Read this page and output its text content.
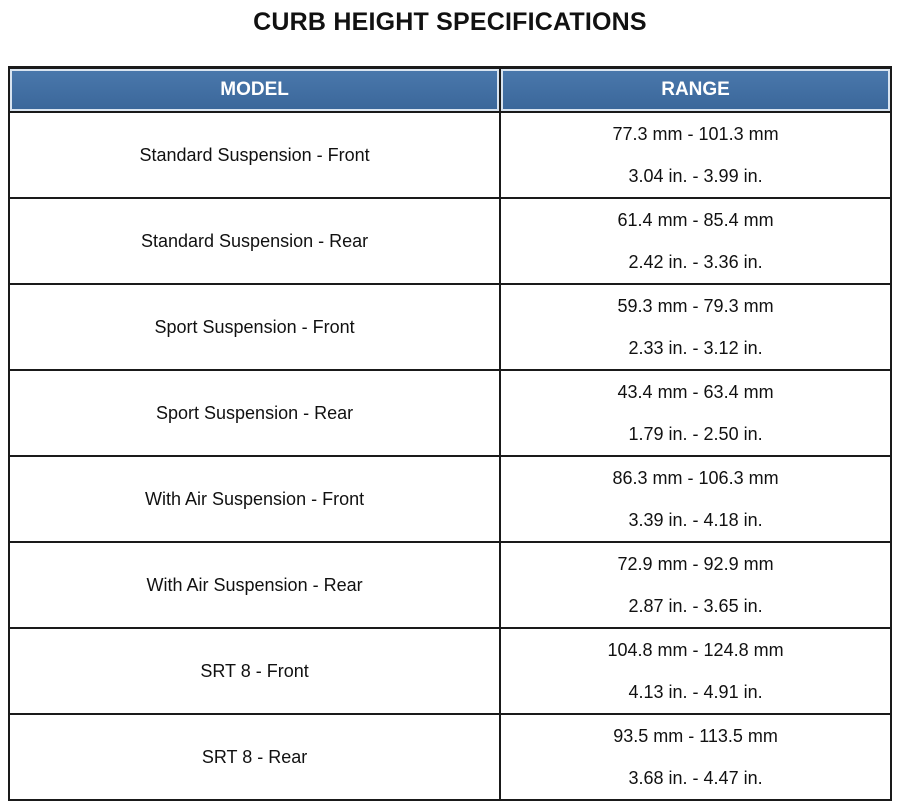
CURB HEIGHT SPECIFICATIONS
MODEL	RANGE
Standard Suspension - Front	77.3 mm - 101.3 mm
3.04 in. - 3.99 in.

Standard Suspension - Rear	61.4 mm - 85.4 mm
2.42 in. - 3.36 in.

Sport Suspension - Front	59.3 mm - 79.3 mm
2.33 in. - 3.12 in.

Sport Suspension - Rear	43.4 mm - 63.4 mm
1.79 in. - 2.50 in.

With Air Suspension - Front	86.3 mm - 106.3 mm
3.39 in. - 4.18 in.

With Air Suspension - Rear	72.9 mm - 92.9 mm
2.87 in. - 3.65 in.

SRT 8 - Front	104.8 mm - 124.8 mm
4.13 in. - 4.91 in.

SRT 8 - Rear	93.5 mm - 113.5 mm
3.68 in. - 4.47 in.
